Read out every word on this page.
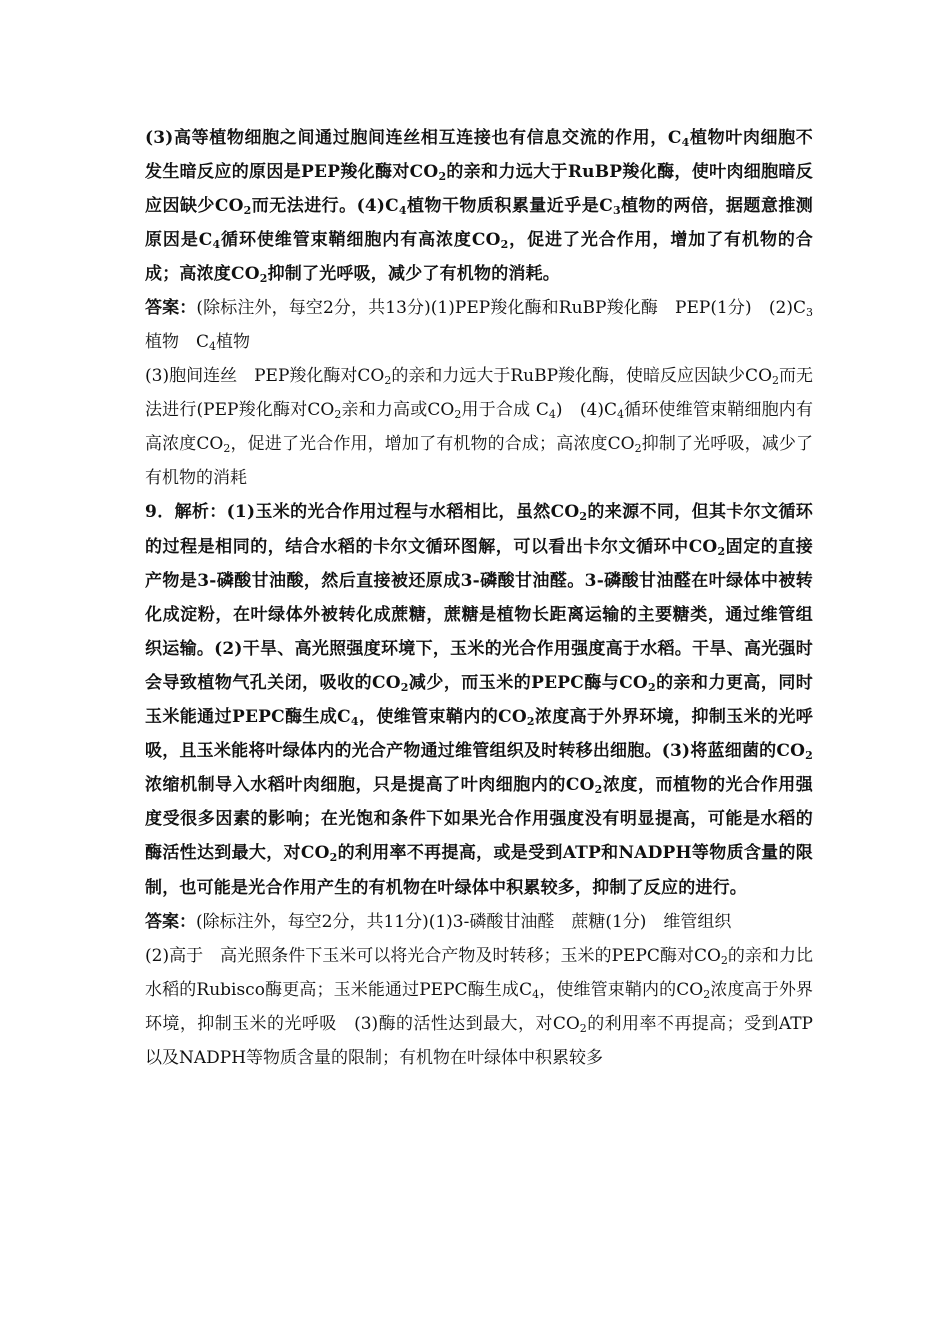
(3)高等植物细胞之间通过胞间连丝相互连接也有信息交流的作用，$C_4$植物叶肉细胞不发生暗反应的原因是PEP羧化酶对$CO_2$的亲和力远大于RuBP羧化酶，使叶肉细胞暗反应因缺少$CO_2$而无法进行。$(4)C_4$植物干物质积累量近乎是$C_3$植物的两倍，据题意推测原因是$C_4$循环使维管束鞘细胞内有高浓度$CO_2$，促进了光合作用，增加了有机物的合成；高浓度$CO_2$抑制了光呼吸，减少了有机物的消耗。

答案：(除标注外，每空2分，共13分)(1)PEP羧化酶和RuBP羧化酶　PEP(1分)　$(2)C_3$植物　$C_4$植物

(3)胞间连丝　PEP羧化酶对$CO_2$的亲和力远大于RuBP羧化酶，使暗反应因缺少$CO_2$而无法进行(PEP羧化酶对$CO_2$亲和力高或$CO_2$用于合成 $C_4$)　$(4)C_4$循环使维管束鞘细胞内有高浓度$CO_2$，促进了光合作用，增加了有机物的合成；高浓度$CO_2$抑制了光呼吸，减少了有机物的消耗

9．解析：(1)玉米的光合作用过程与水稻相比，虽然$CO_2$的来源不同，但其卡尔文循环的过程是相同的，结合水稻的卡尔文循环图解，可以看出卡尔文循环中$CO_2$固定的直接产物是3-磷酸甘油酸，然后直接被还原成3-磷酸甘油醛。3-磷酸甘油醛在叶绿体中被转化成淀粉，在叶绿体外被转化成蔗糖，蔗糖是植物长距离运输的主要糖类，通过维管组织运输。(2)干旱、高光照强度环境下，玉米的光合作用强度高于水稻。干旱、高光强时会导致植物气孔关闭，吸收的$CO_2$减少，而玉米的PEPC酶与$CO_2$的亲和力更高，同时玉米能通过PEPC酶生成$C_4$，使维管束鞘内的$CO_2$浓度高于外界环境，抑制玉米的光呼吸，且玉米能将叶绿体内的光合产物通过维管组织及时转移出细胞。(3)将蓝细菌的$CO_2$浓缩机制导入水稻叶肉细胞，只是提高了叶肉细胞内的$CO_2$浓度，而植物的光合作用强度受很多因素的影响；在光饱和条件下如果光合作用强度没有明显提高，可能是水稻的酶活性达到最大，对$CO_2$的利用率不再提高，或是受到ATP和NADPH等物质含量的限制，也可能是光合作用产生的有机物在叶绿体中积累较多，抑制了反应的进行。

答案：(除标注外，每空2分，共11分)(1)3-磷酸甘油醛　蔗糖(1分)　维管组织

(2)高于　高光照条件下玉米可以将光合产物及时转移；玉米的PEPC酶对$CO_2$的亲和力比水稻的Rubisco酶更高；玉米能通过PEPC酶生成$C_4$，使维管束鞘内的$CO_2$浓度高于外界环境，抑制玉米的光呼吸　(3)酶的活性达到最大，对$CO_2$的利用率不再提高；受到ATP以及NADPH等物质含量的限制；有机物在叶绿体中积累较多
